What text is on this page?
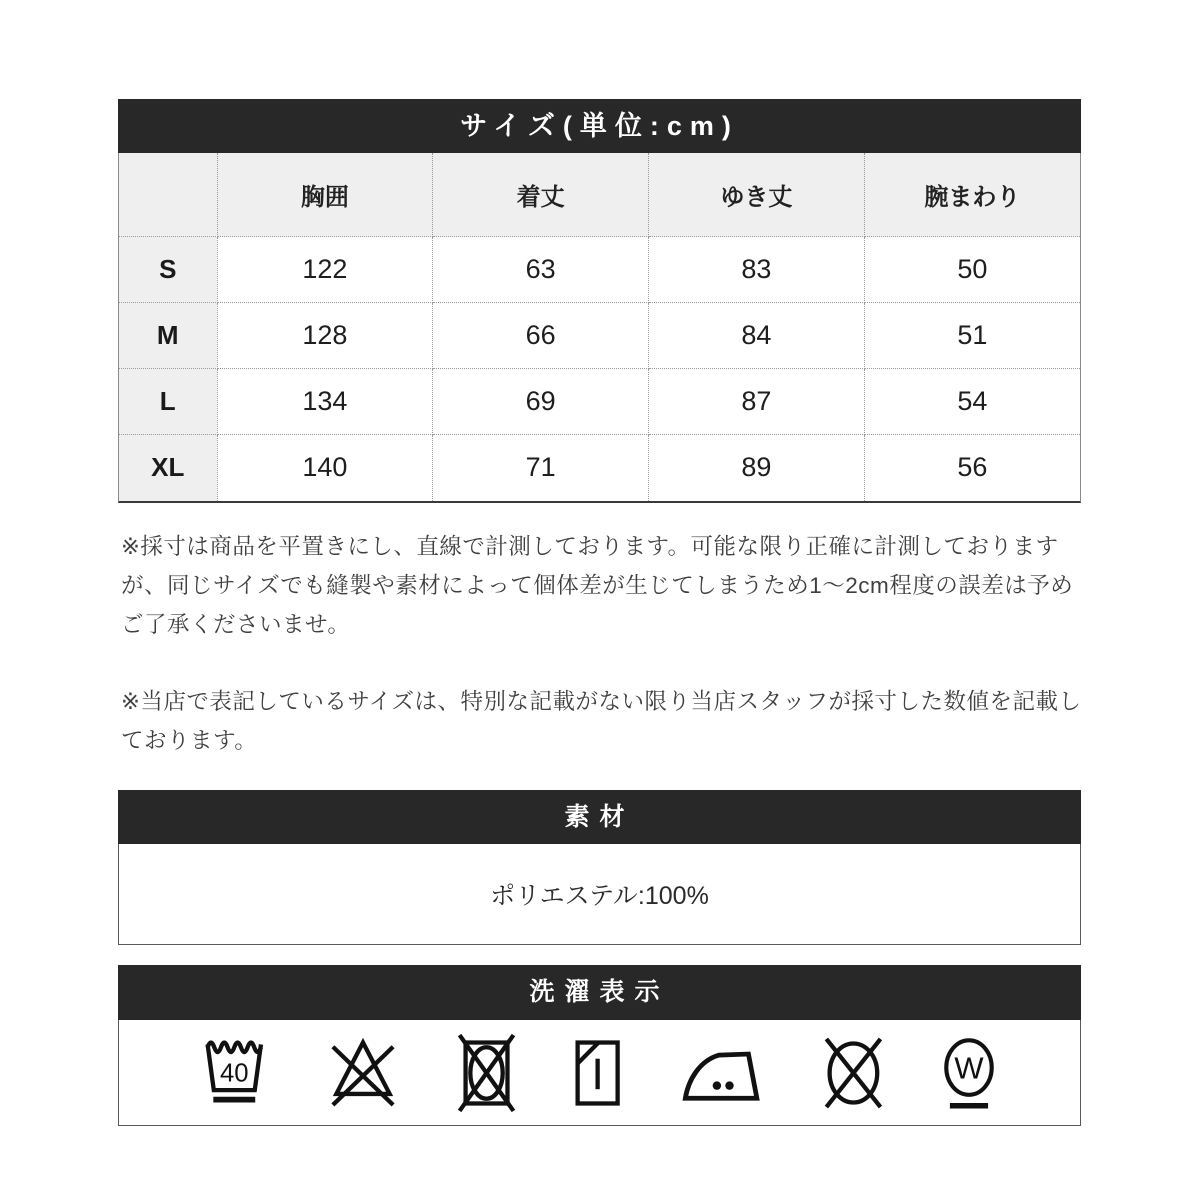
サイズ(単位:cm)
	胸囲	着丈	ゆき丈	腕まわり
S	122	63	83	50
M	128	66	84	51
L	134	69	87	54
XL	140	71	89	56
※採寸は商品を平置きにし、直線で計測しております。可能な限り正確に計測しておりますが、同じサイズでも縫製や素材によって個体差が生じてしまうため1〜2cm程度の誤差は予めご了承くださいませ。
※当店で表記しているサイズは、特別な記載がない限り当店スタッフが採寸した数値を記載しております。
素材
ポリエステル:100%
洗濯表示
40	W
